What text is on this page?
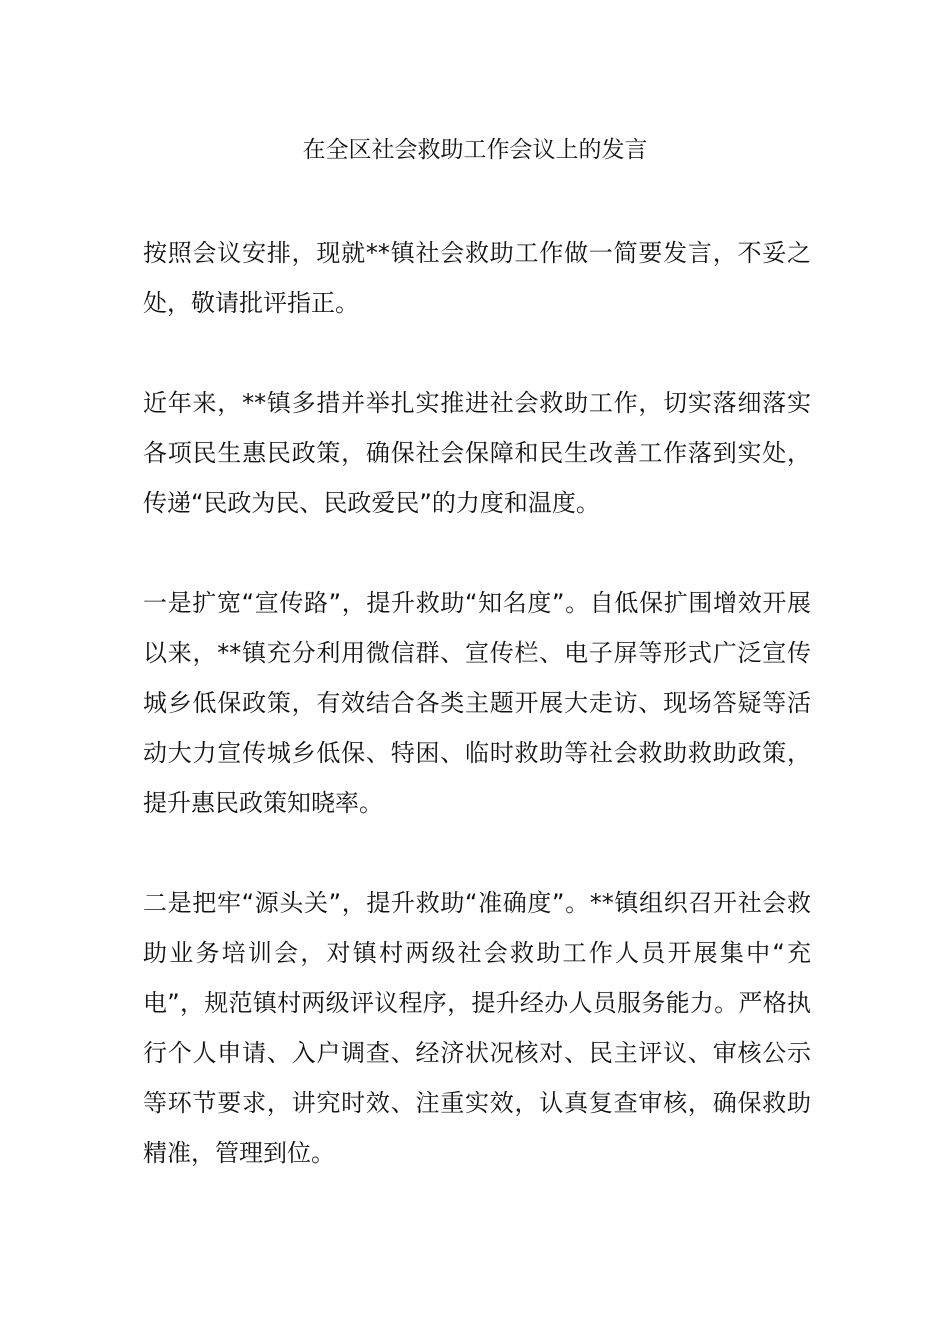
在全区社会救助工作会议上的发言

按照会议安排，现就**镇社会救助工作做一简要发言，不妥之处，敬请批评指正。

近年来，**镇多措并举扎实推进社会救助工作，切实落细落实各项民生惠民政策，确保社会保障和民生改善工作落到实处，传递“民政为民、民政爱民”的力度和温度。

一是扩宽“宣传路”，提升救助“知名度”。自低保扩围增效开展以来，**镇充分利用微信群、宣传栏、电子屏等形式广泛宣传城乡低保政策，有效结合各类主题开展大走访、现场答疑等活动大力宣传城乡低保、特困、临时救助等社会救助救助政策，提升惠民政策知晓率。

二是把牢“源头关”，提升救助“准确度”。**镇组织召开社会救助业务培训会，对镇村两级社会救助工作人员开展集中“充电”，规范镇村两级评议程序，提升经办人员服务能力。严格执行个人申请、入户调查、经济状况核对、民主评议、审核公示等环节要求，讲究时效、注重实效，认真复查审核，确保救助精准，管理到位。
